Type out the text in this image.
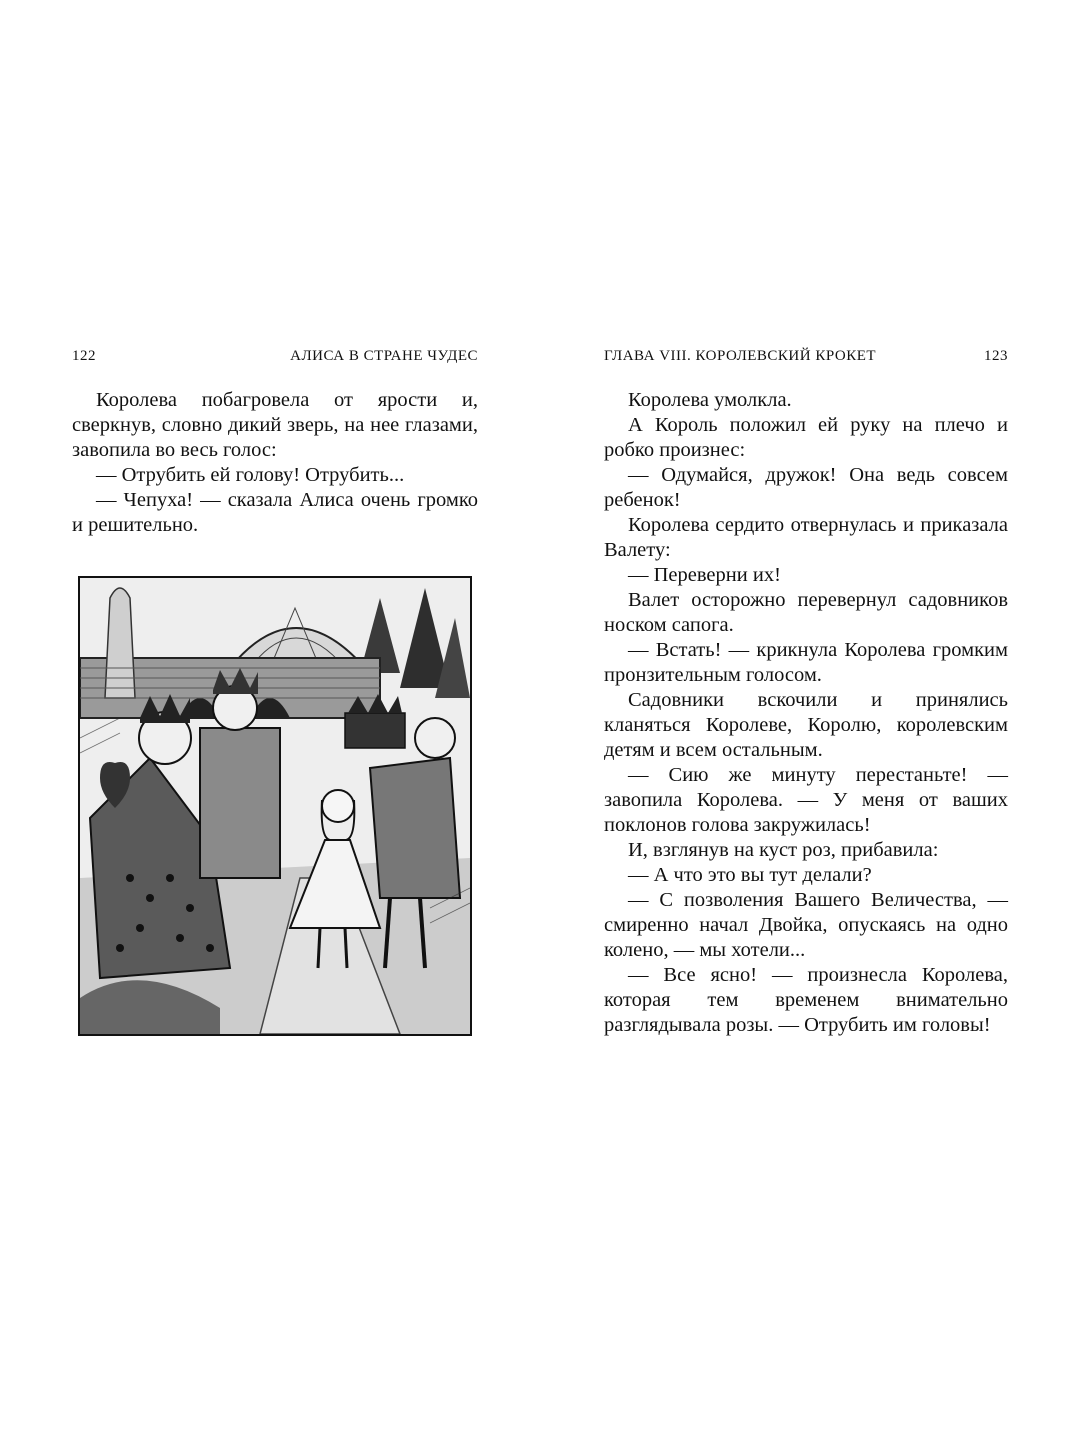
122	АЛИСА В СТРАНЕ ЧУДЕС

Королева побагровела от ярости и, сверкнув, словно дикий зверь, на нее глазами, завопила во весь голос:

— Отрубить ей голову! Отрубить...

— Чепуха! — сказала Алиса очень громко и решительно.

ГЛАВА VIII. КОРОЛЕВСКИЙ КРОКЕТ	123

Королева умолкла.

А Король положил ей руку на плечо и робко произнес:

— Одумайся, дружок! Она ведь совсем ребенок!

Королева сердито отвернулась и приказала Валету:

— Переверни их!

Валет осторожно перевернул садовников носком сапога.

— Встать! — крикнула Королева громким пронзительным голосом.

Садовники вскочили и принялись кланяться Королеве, Королю, королевским детям и всем остальным.

— Сию же минуту перестаньте! — завопила Королева. — У меня от ваших поклонов голова закружилась!

И, взглянув на куст роз, прибавила:

— А что это вы тут делали?

— С позволения Вашего Величества, — смиренно начал Двойка, опускаясь на одно колено, — мы хотели...

— Все ясно! — произнесла Королева, которая тем временем внимательно разглядывала розы. — Отрубить им головы!
